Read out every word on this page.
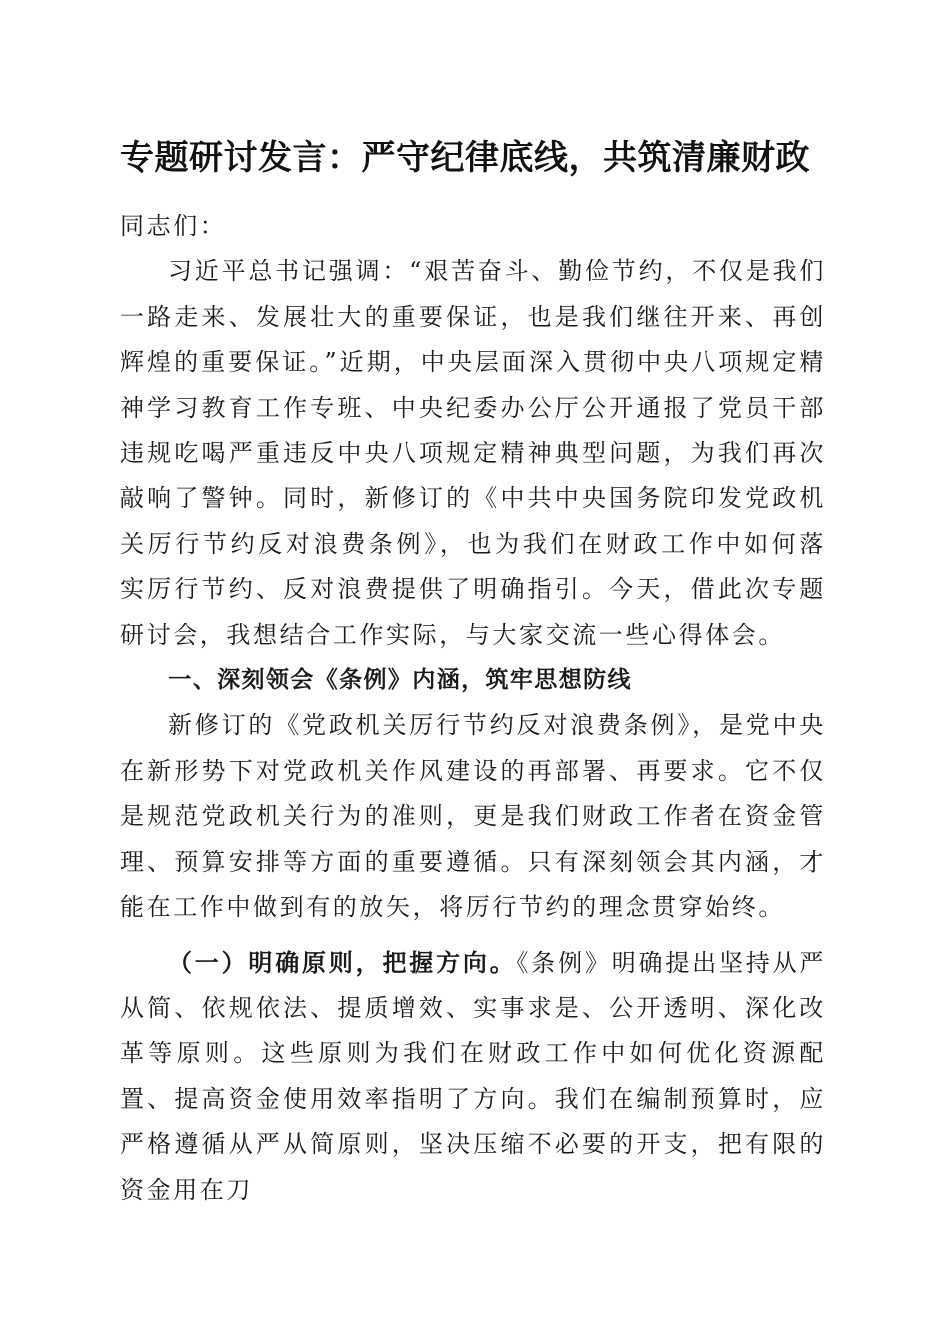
专题研讨发言：严守纪律底线，共筑清廉财政

同志们：

习近平总书记强调：“艰苦奋斗、勤俭节约，不仅是我们一路走来、发展壮大的重要保证，也是我们继往开来、再创辉煌的重要保证。”近期，中央层面深入贯彻中央八项规定精神学习教育工作专班、中央纪委办公厅公开通报了党员干部违规吃喝严重违反中央八项规定精神典型问题，为我们再次敲响了警钟。同时，新修订的《中共中央国务院印发党政机关厉行节约反对浪费条例》，也为我们在财政工作中如何落实厉行节约、反对浪费提供了明确指引。今天，借此次专题研讨会，我想结合工作实际，与大家交流一些心得体会。

一、深刻领会《条例》内涵，筑牢思想防线

新修订的《党政机关厉行节约反对浪费条例》，是党中央在新形势下对党政机关作风建设的再部署、再要求。它不仅是规范党政机关行为的准则，更是我们财政工作者在资金管理、预算安排等方面的重要遵循。只有深刻领会其内涵，才能在工作中做到有的放矢，将厉行节约的理念贯穿始终。

（一）明确原则，把握方向。《条例》明确提出坚持从严从简、依规依法、提质增效、实事求是、公开透明、深化改革等原则。这些原则为我们在财政工作中如何优化资源配置、提高资金使用效率指明了方向。我们在编制预算时，应严格遵循从严从简原则，坚决压缩不必要的开支，把有限的资金用在刀
